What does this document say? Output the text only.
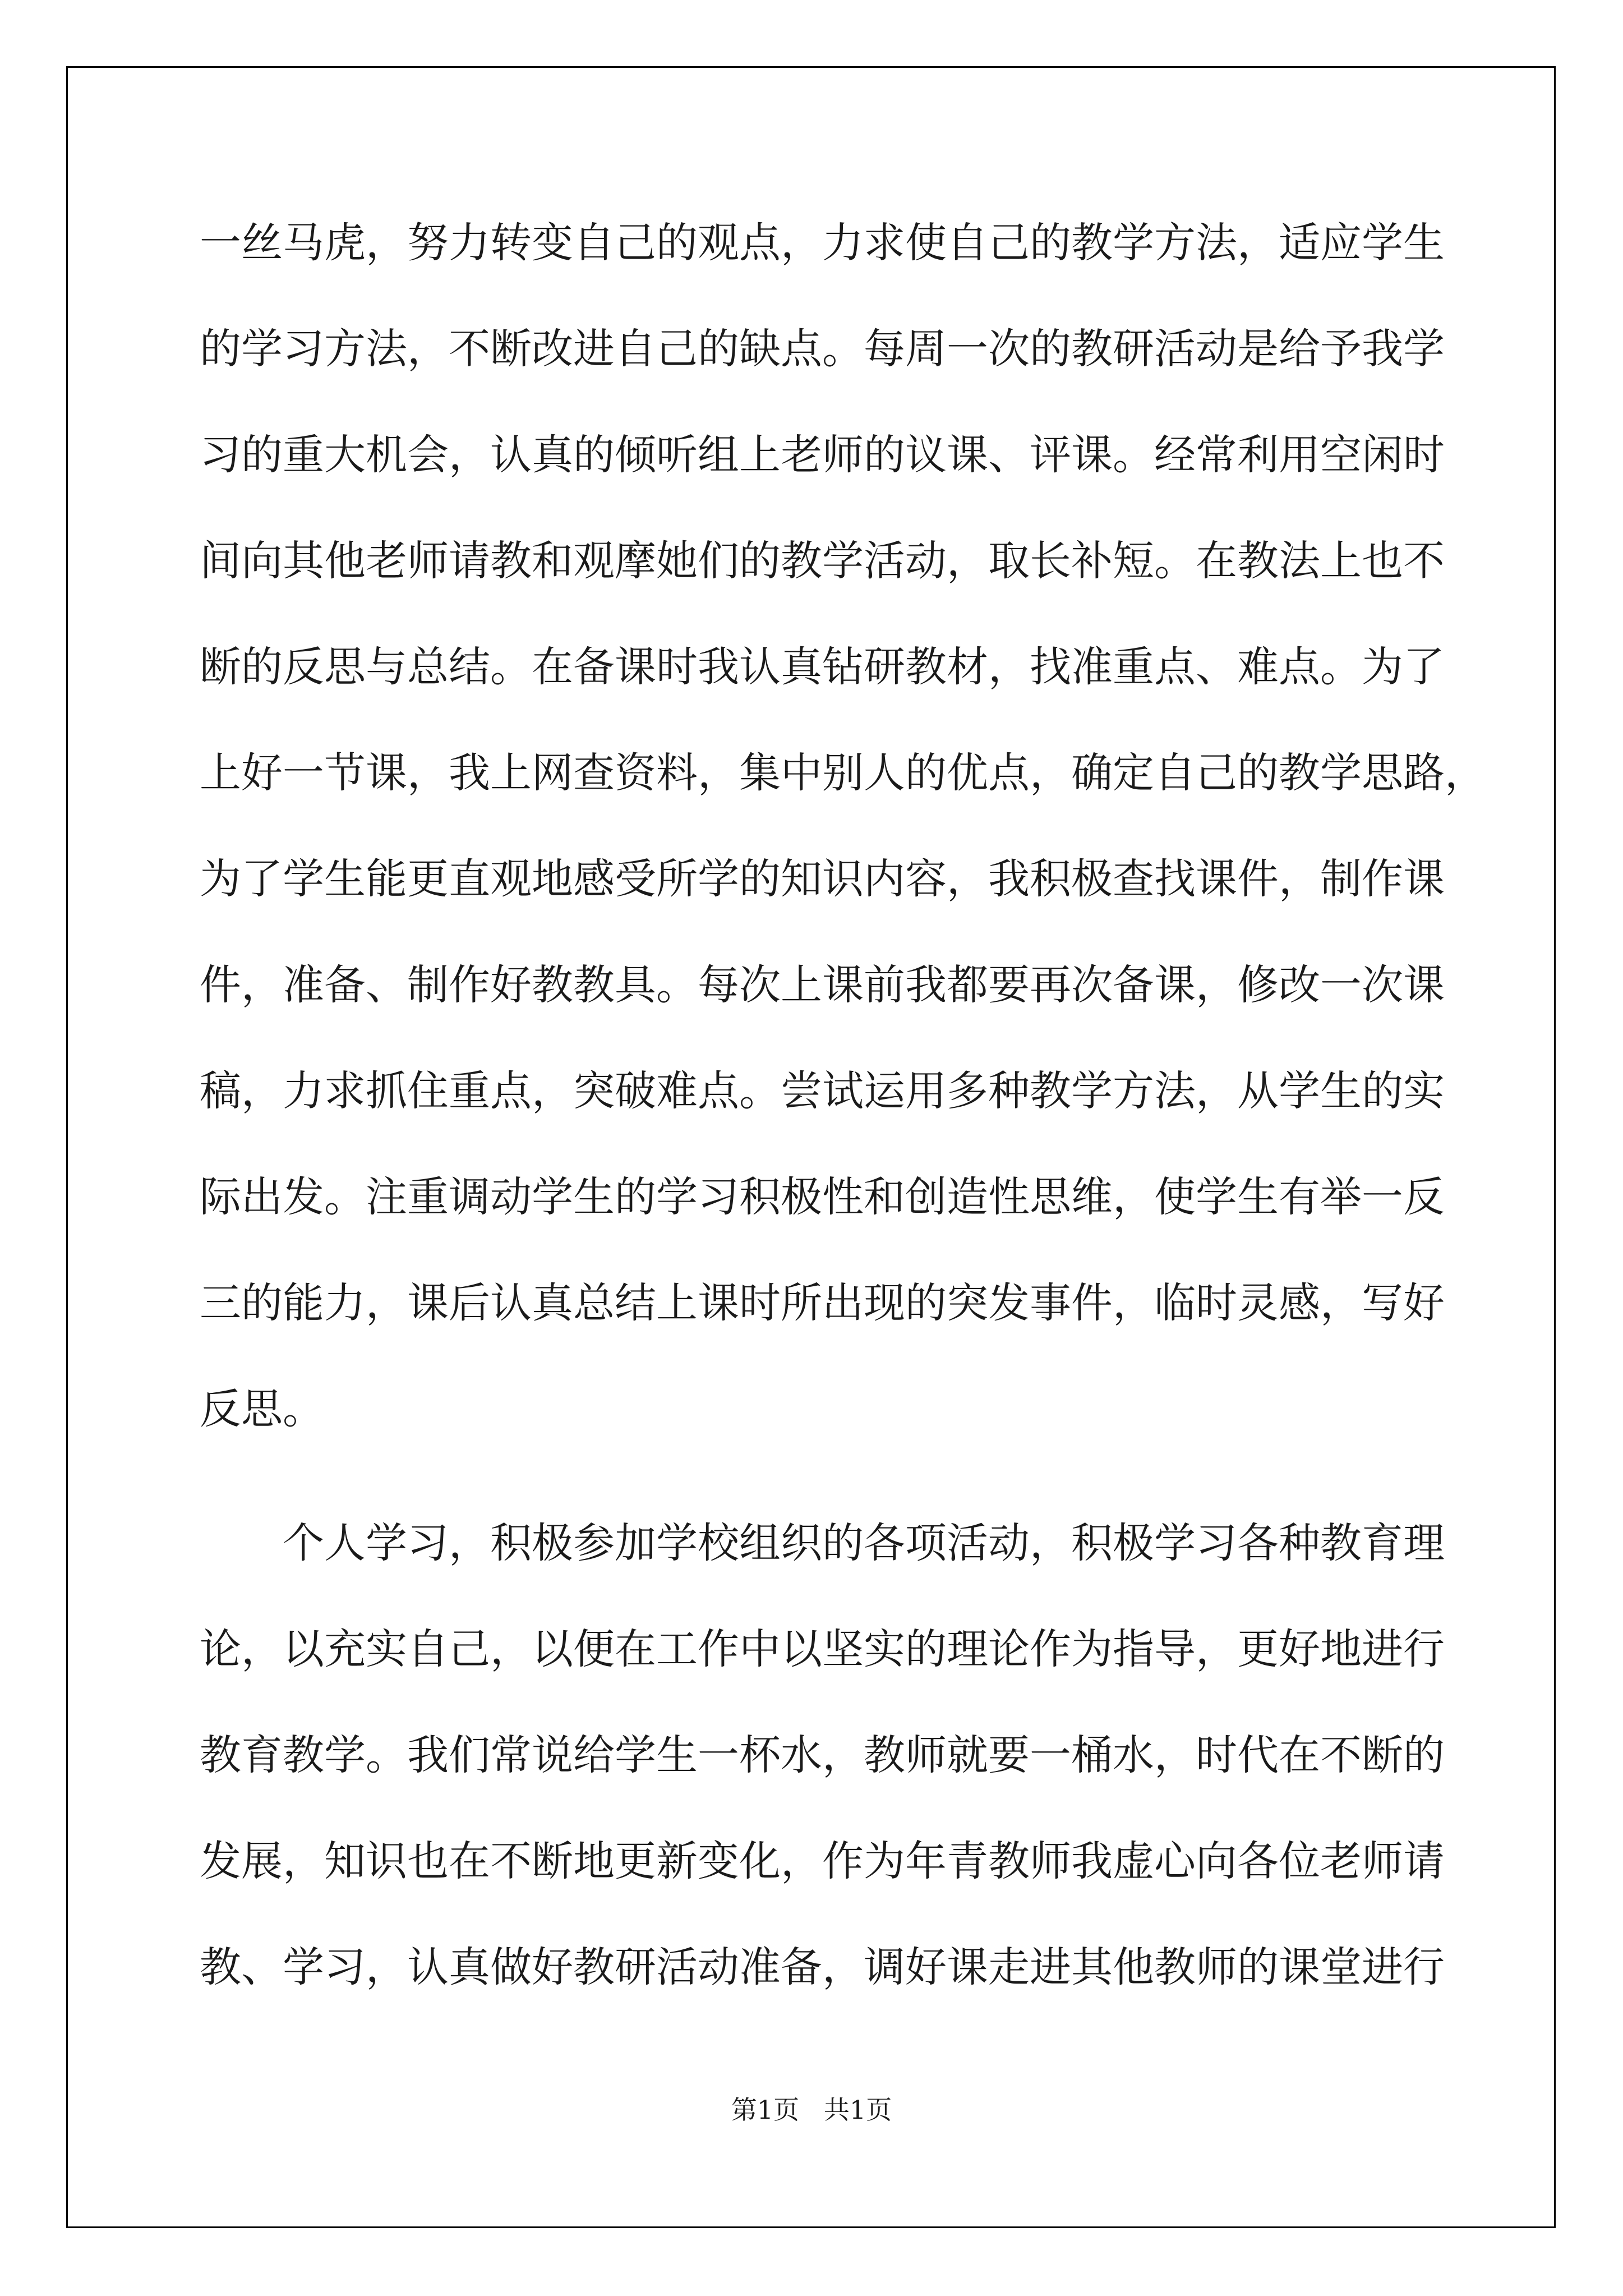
一丝马虎，努力转变自己的观点，力求使自己的教学方法，适应学生
的学习方法，不断改进自己的缺点。每周一次的教研活动是给予我学
习的重大机会，认真的倾听组上老师的议课、评课。经常利用空闲时
间向其他老师请教和观摩她们的教学活动，取长补短。在教法上也不
断的反思与总结。在备课时我认真钻研教材，找准重点、难点。为了
上好一节课，我上网查资料，集中别人的优点，确定自己的教学思路，
为了学生能更直观地感受所学的知识内容，我积极查找课件，制作课
件，准备、制作好教教具。每次上课前我都要再次备课，修改一次课
稿，力求抓住重点，突破难点。尝试运用多种教学方法，从学生的实
际出发。注重调动学生的学习积极性和创造性思维，使学生有举一反
三的能力，课后认真总结上课时所出现的突发事件，临时灵感，写好
反思。
个人学习，积极参加学校组织的各项活动，积极学习各种教育理
论，以充实自己，以便在工作中以坚实的理论作为指导，更好地进行
教育教学。我们常说给学生一杯水，教师就要一桶水，时代在不断的
发展，知识也在不断地更新变化，作为年青教师我虚心向各位老师请
教、学习，认真做好教研活动准备，调好课走进其他教师的课堂进行
第1页   共1页
